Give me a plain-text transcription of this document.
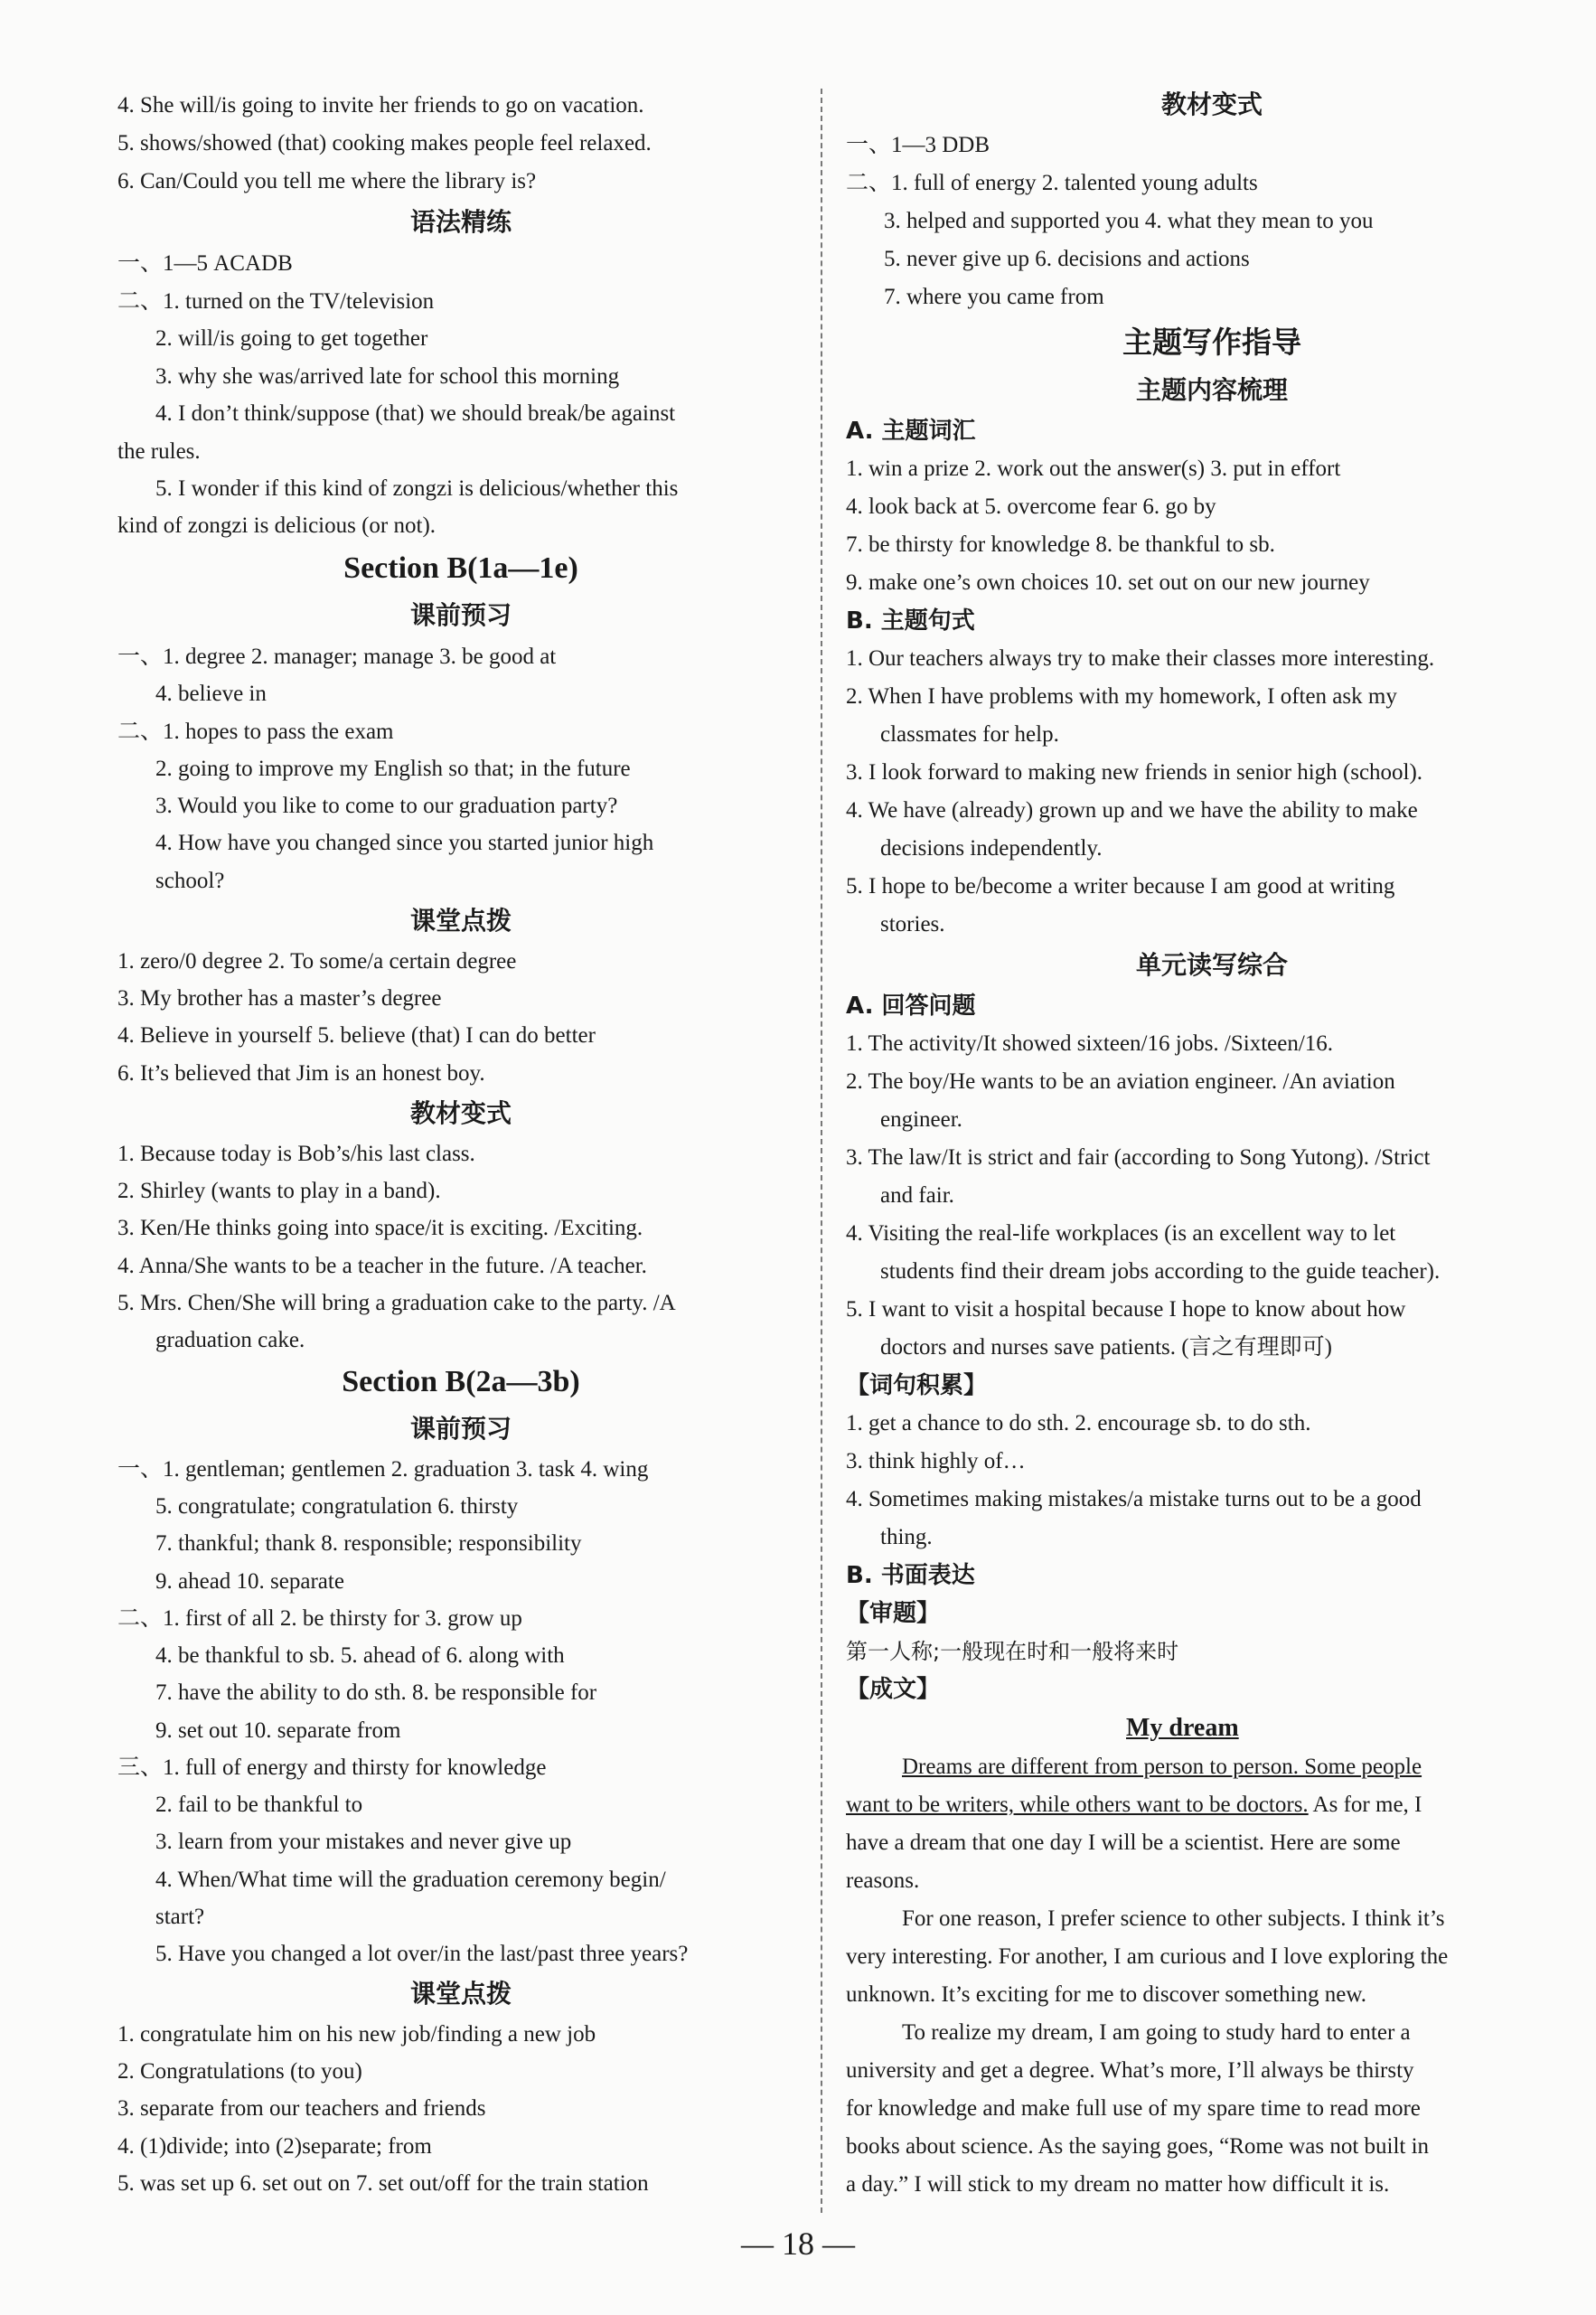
4. She will/is going to invite her friends to go on vacation.
5. shows/showed (that) cooking makes people feel relaxed.
6. Can/Could you tell me where the library is?
语法精练
一、1—5 ACADB
二、1. turned on the TV/television
2. will/is going to get together
3. why she was/arrived late for school this morning
4. I don’t think/suppose (that) we should break/be against
the rules.
5. I wonder if this kind of zongzi is delicious/whether this
kind of zongzi is delicious (or not).
Section B(1a—1e)
课前预习
一、1. degree 2. manager; manage 3. be good at
4. believe in
二、1. hopes to pass the exam
2. going to improve my English so that; in the future
3. Would you like to come to our graduation party?
4. How have you changed since you started junior high
school?
课堂点拨
1. zero/0 degree 2. To some/a certain degree
3. My brother has a master’s degree
4. Believe in yourself 5. believe (that) I can do better
6. It’s believed that Jim is an honest boy.
教材变式
1. Because today is Bob’s/his last class.
2. Shirley (wants to play in a band).
3. Ken/He thinks going into space/it is exciting. /Exciting.
4. Anna/She wants to be a teacher in the future. /A teacher.
5. Mrs. Chen/She will bring a graduation cake to the party. /A
graduation cake.
Section B(2a—3b)
课前预习
一、1. gentleman; gentlemen 2. graduation 3. task 4. wing
5. congratulate; congratulation 6. thirsty
7. thankful; thank 8. responsible; responsibility
9. ahead 10. separate
二、1. first of all 2. be thirsty for 3. grow up
4. be thankful to sb. 5. ahead of 6. along with
7. have the ability to do sth. 8. be responsible for
9. set out 10. separate from
三、1. full of energy and thirsty for knowledge
2. fail to be thankful to
3. learn from your mistakes and never give up
4. When/What time will the graduation ceremony begin/
start?
5. Have you changed a lot over/in the last/past three years?
课堂点拨
1. congratulate him on his new job/finding a new job
2. Congratulations (to you)
3. separate from our teachers and friends
4. (1)divide; into (2)separate; from
5. was set up 6. set out on 7. set out/off for the train station
教材变式
一、1—3 DDB
二、1. full of energy 2. talented young adults
3. helped and supported you 4. what they mean to you
5. never give up 6. decisions and actions
7. where you came from
主题写作指导
主题内容梳理
A. 主题词汇
1. win a prize 2. work out the answer(s) 3. put in effort
4. look back at 5. overcome fear 6. go by
7. be thirsty for knowledge 8. be thankful to sb.
9. make one’s own choices 10. set out on our new journey
B. 主题句式
1. Our teachers always try to make their classes more interesting.
2. When I have problems with my homework, I often ask my
classmates for help.
3. I look forward to making new friends in senior high (school).
4. We have (already) grown up and we have the ability to make
decisions independently.
5. I hope to be/become a writer because I am good at writing
stories.
单元读写综合
A. 回答问题
1. The activity/It showed sixteen/16 jobs. /Sixteen/16.
2. The boy/He wants to be an aviation engineer. /An aviation
engineer.
3. The law/It is strict and fair (according to Song Yutong). /Strict
and fair.
4. Visiting the real-life workplaces (is an excellent way to let
students find their dream jobs according to the guide teacher).
5. I want to visit a hospital because I hope to know about how
doctors and nurses save patients. (言之有理即可)
【词句积累】
1. get a chance to do sth. 2. encourage sb. to do sth.
3. think highly of…
4. Sometimes making mistakes/a mistake turns out to be a good
thing.
B. 书面表达
【审题】
第一人称;一般现在时和一般将来时
【成文】
My dream
Dreams are different from person to person. Some people
want to be writers, while others want to be doctors. As for me, I
have a dream that one day I will be a scientist. Here are some
reasons.
For one reason, I prefer science to other subjects. I think it’s
very interesting. For another, I am curious and I love exploring the
unknown. It’s exciting for me to discover something new.
To realize my dream, I am going to study hard to enter a
university and get a degree. What’s more, I’ll always be thirsty
for knowledge and make full use of my spare time to read more
books about science. As the saying goes, “Rome was not built in
a day.” I will stick to my dream no matter how difficult it is.
— 18 —
